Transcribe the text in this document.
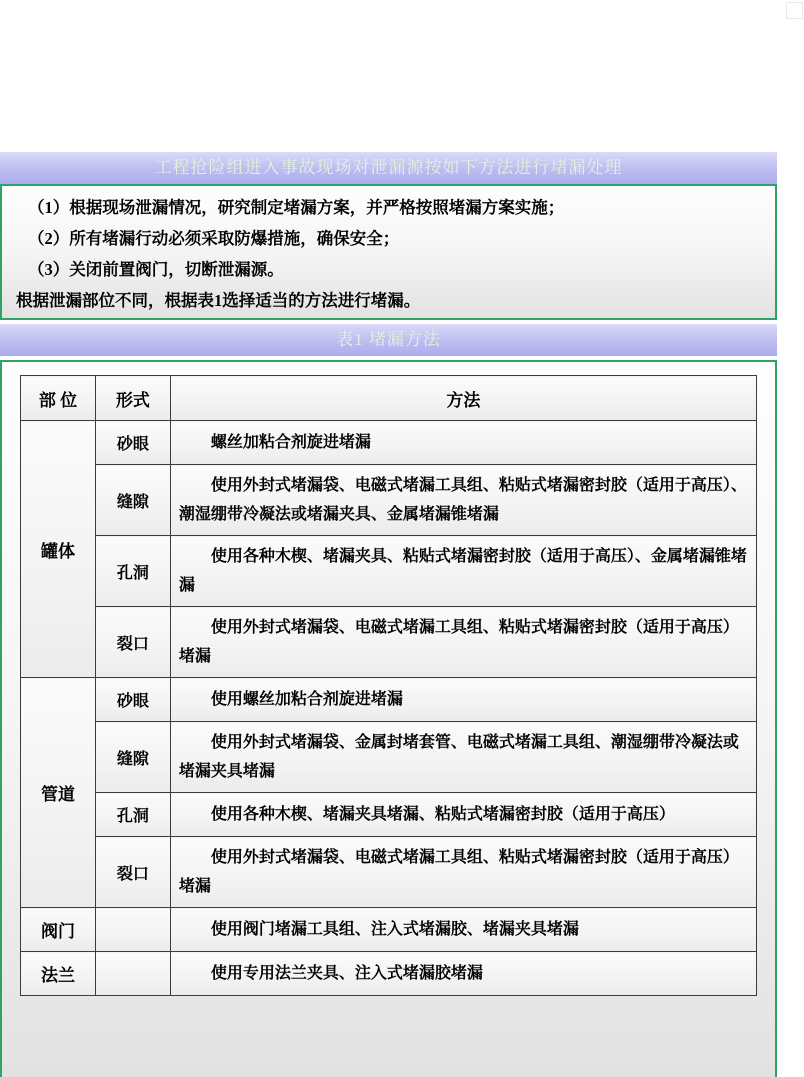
工程抢险组进入事故现场对泄漏源按如下方法进行堵漏处理

（1）根据现场泄漏情况，研究制定堵漏方案，并严格按照堵漏方案实施；

（2）所有堵漏行动必须采取防爆措施，确保安全；

（3）关闭前置阀门，切断泄漏源。

根据泄漏部位不同，根据表1选择适当的方法进行堵漏。

表1 堵漏方法
部 位	形式	方法
罐体	砂眼	螺丝加粘合剂旋进堵漏

	缝隙	使用外封式堵漏袋、电磁式堵漏工具组、粘贴式堵漏密封胶（适用于高压）、潮湿绷带冷凝法或堵漏夹具、金属堵漏锥堵漏

	孔洞	使用各种木楔、堵漏夹具、粘贴式堵漏密封胶（适用于高压）、金属堵漏锥堵漏

	裂口	使用外封式堵漏袋、电磁式堵漏工具组、粘贴式堵漏密封胶（适用于高压）堵漏

管道	砂眼	使用螺丝加粘合剂旋进堵漏

	缝隙	使用外封式堵漏袋、金属封堵套管、电磁式堵漏工具组、潮湿绷带冷凝法或堵漏夹具堵漏

	孔洞	使用各种木楔、堵漏夹具堵漏、粘贴式堵漏密封胶（适用于高压）

	裂口	使用外封式堵漏袋、电磁式堵漏工具组、粘贴式堵漏密封胶（适用于高压）堵漏

阀门		使用阀门堵漏工具组、注入式堵漏胶、堵漏夹具堵漏

法兰		使用专用法兰夹具、注入式堵漏胶堵漏
